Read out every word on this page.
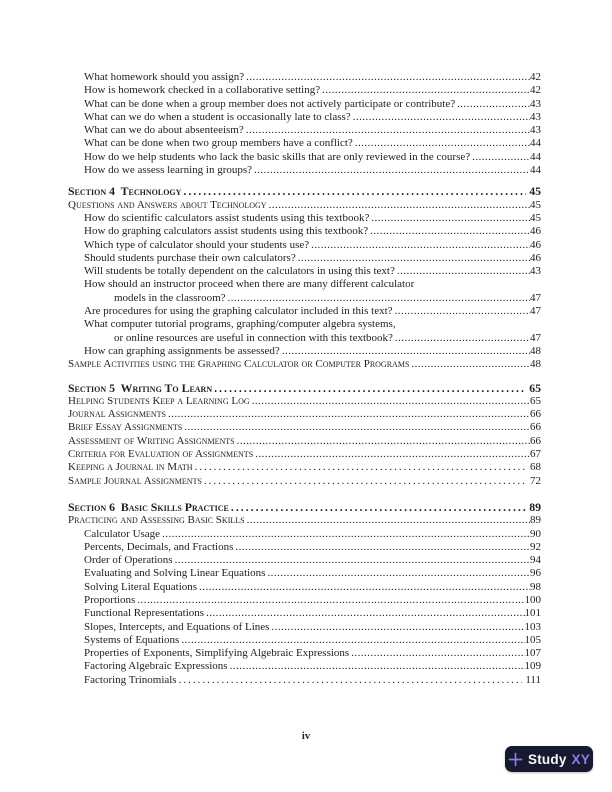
What homework should you assign? .....	42
How is homework checked in a collaborative setting? .....	42
What can be done when a group member does not actively participate or contribute? .....	43
What can we do when a student is occasionally late to class? .....	43
What can we do about absenteeism? .....	43
What can be done when two group members have a conflict? .....	44
How do we help students who lack the basic skills that are only reviewed in the course? .....	44
How do we assess learning in groups? .....	44
Section 4  Technology .....	45
Questions and Answers about Technology .....	45
How do scientific calculators assist students using this textbook? .....	45
How do graphing calculators assist students using this textbook? .....	46
Which type of calculator should your students use? .....	46
Should students purchase their own calculators? .....	46
Will students be totally dependent on the calculators in using this text? .....	43
How should an instructor proceed when there are many different calculator
models in the classroom? .....	47
Are procedures for using the graphing calculator included in this text? .....	47
What computer tutorial programs, graphing/computer algebra systems,
or online resources are useful in connection with this textbook? .....	47
How can graphing assignments be assessed? .....	48
Sample Activities using the Graphing Calculator or Computer Programs .....	48
Section 5  Writing To Learn .....	65
Helping Students Keep a Learning Log .....	65
Journal Assignments .....	66
Brief Essay Assignments .....	66
Assessment of Writing Assignments .....	66
Criteria for Evaluation of Assignments .....	67
Keeping a Journal in Math .....	68
Sample Journal Assignments .....	72
Section 6  Basic Skills Practice .....	89
Practicing and Assessing Basic Skills .....	89
Calculator Usage .....	90
Percents, Decimals, and Fractions .....	92
Order of Operations .....	94
Evaluating and Solving Linear Equations .....	96
Solving Literal Equations .....	98
Proportions .....	100
Functional Representations .....	101
Slopes, Intercepts, and Equations of Lines .....	103
Systems of Equations .....	105
Properties of Exponents, Simplifying Algebraic Expressions .....	107
Factoring Algebraic Expressions .....	109
Factoring Trinomials .....	111
iv
Study XY
